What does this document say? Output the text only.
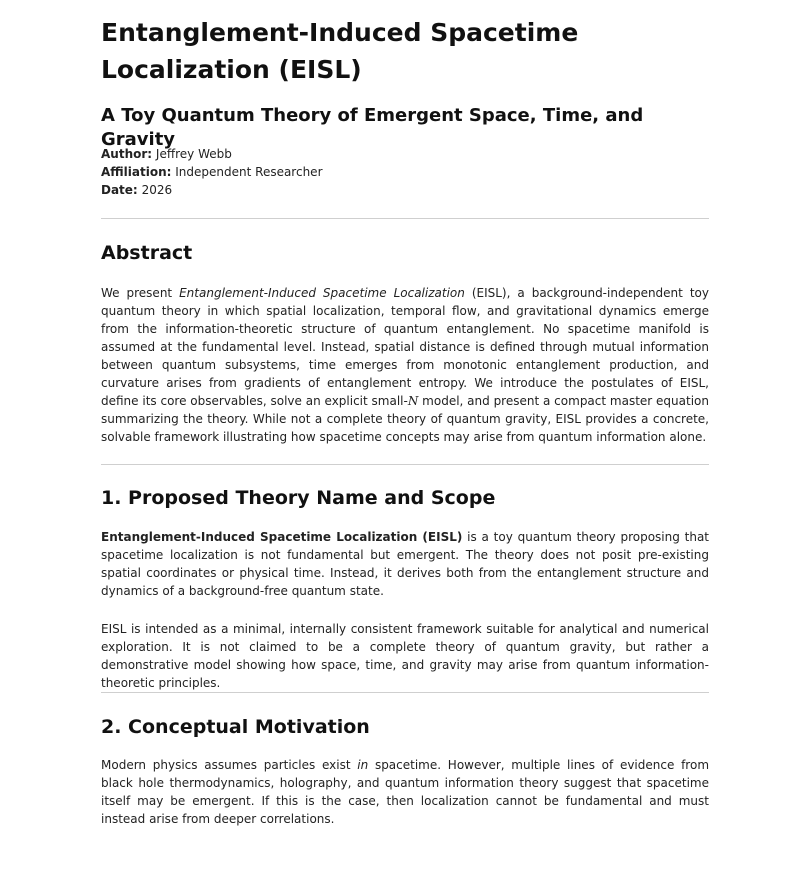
Entanglement-Induced Spacetime Localization (EISL)
A Toy Quantum Theory of Emergent Space, Time, and Gravity
Author: Jeffrey Webb
Affiliation: Independent Researcher
Date: 2026
Abstract

We present Entanglement-Induced Spacetime Localization (EISL), a background-independent toy quantum theory in which spatial localization, temporal flow, and gravitational dynamics emerge from the information-theoretic structure of quantum entanglement. No spacetime manifold is assumed at the fundamental level. Instead, spatial distance is defined through mutual information between quantum subsystems, time emerges from monotonic entanglement production, and curvature arises from gradients of entanglement entropy. We introduce the postulates of EISL, define its core observables, solve an explicit small-N model, and present a compact master equation summarizing the theory. While not a complete theory of quantum gravity, EISL provides a concrete, solvable framework illustrating how spacetime concepts may arise from quantum information alone.

1. Proposed Theory Name and Scope

Entanglement-Induced Spacetime Localization (EISL) is a toy quantum theory proposing that spacetime localization is not fundamental but emergent. The theory does not posit pre-existing spatial coordinates or physical time. Instead, it derives both from the entanglement structure and dynamics of a background-free quantum state.

EISL is intended as a minimal, internally consistent framework suitable for analytical and numerical exploration. It is not claimed to be a complete theory of quantum gravity, but rather a demonstrative model showing how space, time, and gravity may arise from quantum information-theoretic principles.

2. Conceptual Motivation

Modern physics assumes particles exist in spacetime. However, multiple lines of evidence from black hole thermodynamics, holography, and quantum information theory suggest that spacetime itself may be emergent. If this is the case, then localization cannot be fundamental and must instead arise from deeper correlations.
